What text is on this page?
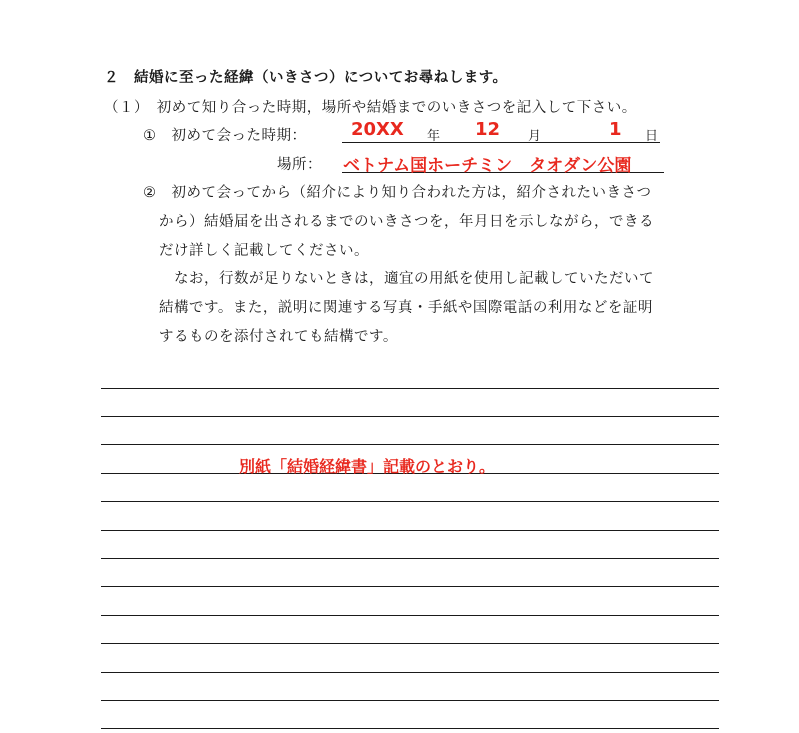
２　結婚に至った経緯（いきさつ）についてお尋ねします。
（１）　初めて知り合った時期，場所や結婚までのいきさつを記入して下さい。
①　初めて会った時期： 20XX 年 12 月	1 日
場所： ベトナム国ホーチミン　タオダン公園
②　初めて会ってから（紹介により知り合われた方は，紹介されたいきさつ
から）結婚届を出されるまでのいきさつを，年月日を示しながら，できる
だけ詳しく記載してください。
　なお，行数が足りないときは，適宜の用紙を使用し記載していただいて
結構です。また，説明に関連する写真・手紙や国際電話の利用などを証明
するものを添付されても結構です。
別紙「結婚経緯書」記載のとおり。
